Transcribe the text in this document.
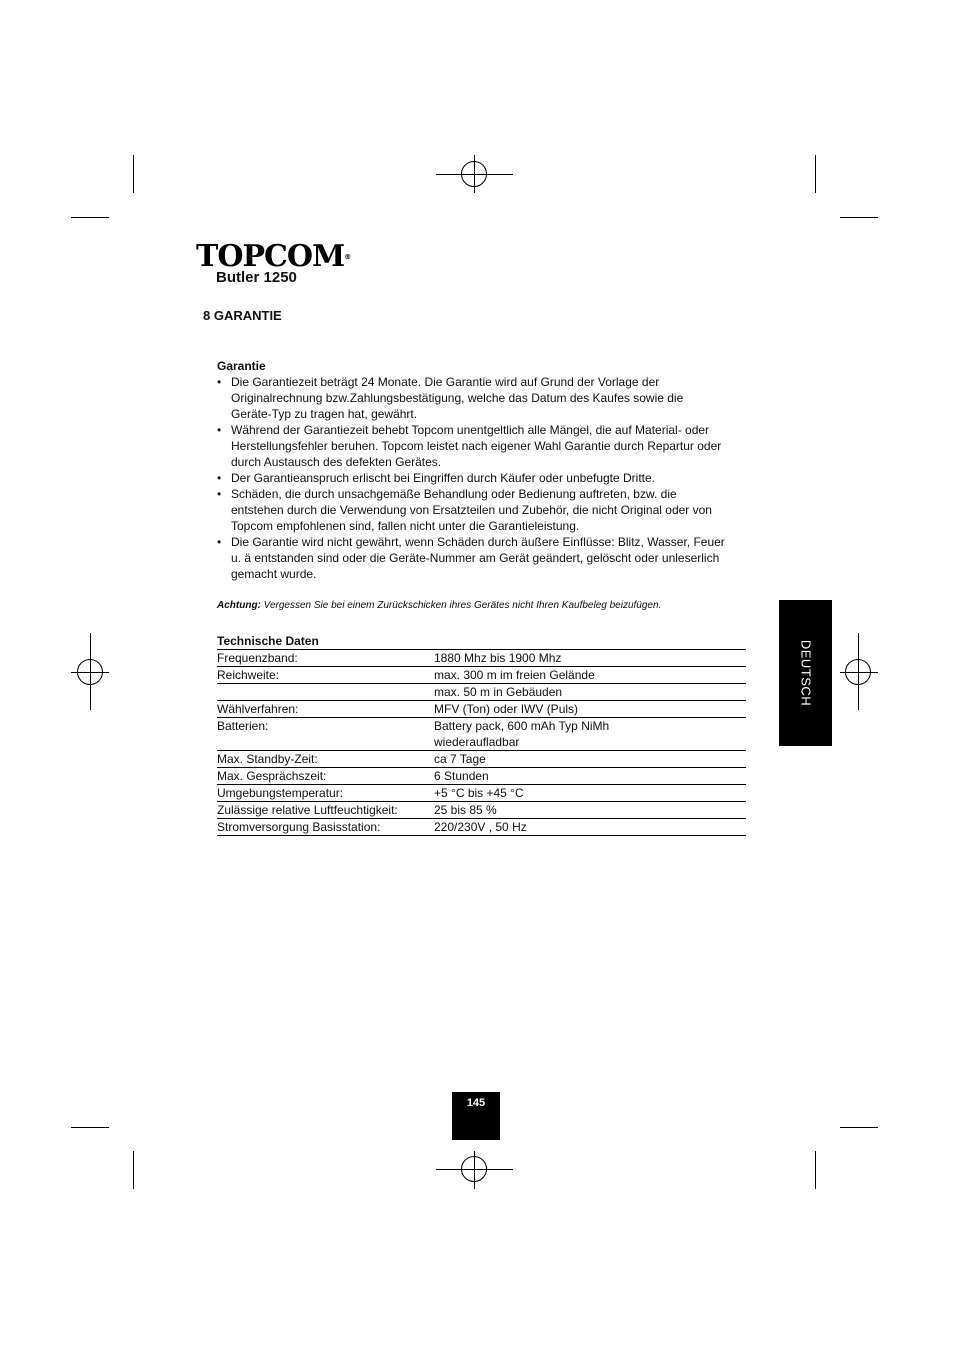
TOPCOM®
Butler 1250
8 GARANTIE
Garantie
• Die Garantiezeit beträgt 24 Monate. Die Garantie wird auf Grund der Vorlage der
Originalrechnung bzw.Zahlungsbestätigung, welche das Datum des Kaufes sowie die
Geräte-Typ zu tragen hat, gewährt.
• Während der Garantiezeit behebt Topcom unentgeltlich alle Mängel, die auf Material- oder
Herstellungsfehler beruhen. Topcom leistet nach eigener Wahl Garantie durch Repartur oder
durch Austausch des defekten Gerätes.
• Der Garantieanspruch erlischt bei Eingriffen durch Käufer oder unbefugte Dritte.
• Schäden, die durch unsachgemäße Behandlung oder Bedienung auftreten, bzw. die
entstehen durch die Verwendung von Ersatzteilen und Zubehör, die nicht Original oder von
Topcom empfohlenen sind, fallen nicht unter die Garantieleistung.
• Die Garantie wird nicht gewährt, wenn Schäden durch äußere Einflüsse: Blitz, Wasser, Feuer
u. ä entstanden sind oder die Geräte-Nummer am Gerät geändert, gelöscht oder unleserlich
gemacht wurde.
Achtung: Vergessen Sie bei einem Zurückschicken ihres Gerätes nicht Ihren Kaufbeleg beizufügen.
Technische Daten
Frequenzband:	1880 Mhz bis 1900 Mhz
Reichweite:	max. 300 m im freien Gelände
	max. 50 m in Gebäuden
Wählverfahren:	MFV (Ton) oder IWV (Puls)
Batterien:	Battery pack, 600 mAh Typ NiMh
wiederaufladbar
Max. Standby-Zeit:	ca 7 Tage
Max. Gesprächszeit:	6 Stunden
Umgebungstemperatur:	+5 °C bis +45 °C
Zulässige relative Luftfeuchtigkeit:	25 bis 85 %
Stromversorgung Basisstation:	220/230V , 50 Hz
DEUTSCH
145
